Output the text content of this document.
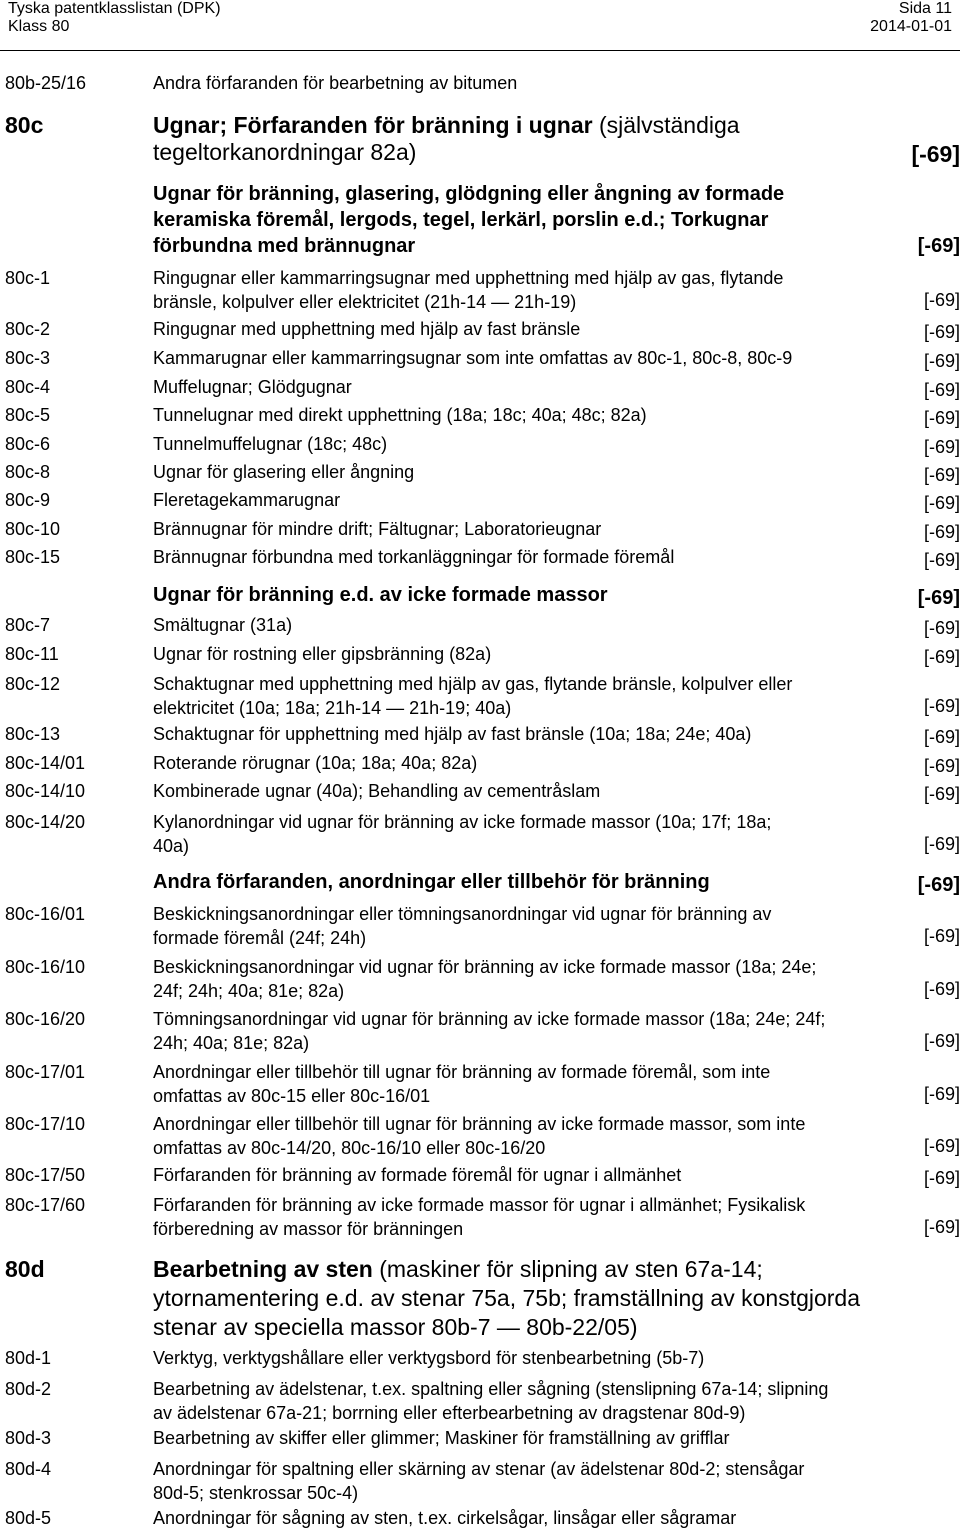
Tyska patentklasslistan (DPK)
Klass 80
Sida 11
2014-01-01
80b-25/16	Andra förfaranden för bearbetning av bitumen
80c	Ugnar; Förfaranden för bränning i ugnar (självständiga
tegeltorkanordningar 82a)	[-69]
Ugnar för bränning, glasering, glödgning eller ångning av formade
keramiska föremål, lergods, tegel, lerkärl, porslin e.d.; Torkugnar
förbundna med brännugnar	[-69]
80c-1	Ringugnar eller kammarringsugnar med upphettning med hjälp av gas, flytande
bränsle, kolpulver eller elektricitet (21h-14 — 21h-19)	[-69]
80c-2	Ringugnar med upphettning med hjälp av fast bränsle	[-69]
80c-3	Kammarugnar eller kammarringsugnar som inte omfattas av 80c-1, 80c-8, 80c-9	[-69]
80c-4	Muffelugnar; Glödgugnar	[-69]
80c-5	Tunnelugnar med direkt upphettning (18a; 18c; 40a; 48c; 82a)	[-69]
80c-6	Tunnelmuffelugnar (18c; 48c)	[-69]
80c-8	Ugnar för glasering eller ångning	[-69]
80c-9	Fleretagekammarugnar	[-69]
80c-10	Brännugnar för mindre drift; Fältugnar; Laboratorieugnar	[-69]
80c-15	Brännugnar förbundna med torkanläggningar för formade föremål	[-69]
Ugnar för bränning e.d. av icke formade massor	[-69]
80c-7	Smältugnar (31a)	[-69]
80c-11	Ugnar för rostning eller gipsbränning (82a)	[-69]
80c-12	Schaktugnar med upphettning med hjälp av gas, flytande bränsle, kolpulver eller
elektricitet (10a; 18a; 21h-14 — 21h-19; 40a)	[-69]
80c-13	Schaktugnar för upphettning med hjälp av fast bränsle (10a; 18a; 24e; 40a)	[-69]
80c-14/01	Roterande rörugnar (10a; 18a; 40a; 82a)	[-69]
80c-14/10	Kombinerade ugnar (40a); Behandling av cementråslam	[-69]
80c-14/20	Kylanordningar vid ugnar för bränning av icke formade massor (10a; 17f; 18a;
40a)	[-69]
Andra förfaranden, anordningar eller tillbehör för bränning	[-69]
80c-16/01	Beskickningsanordningar eller tömningsanordningar vid ugnar för bränning av
formade föremål (24f; 24h)	[-69]
80c-16/10	Beskickningsanordningar vid ugnar för bränning av icke formade massor (18a; 24e;
24f; 24h; 40a; 81e; 82a)	[-69]
80c-16/20	Tömningsanordningar vid ugnar för bränning av icke formade massor (18a; 24e; 24f;
24h; 40a; 81e; 82a)	[-69]
80c-17/01	Anordningar eller tillbehör till ugnar för bränning av formade föremål, som inte
omfattas av 80c-15 eller 80c-16/01	[-69]
80c-17/10	Anordningar eller tillbehör till ugnar för bränning av icke formade massor, som inte
omfattas av 80c-14/20, 80c-16/10 eller 80c-16/20	[-69]
80c-17/50	Förfaranden för bränning av formade föremål för ugnar i allmänhet	[-69]
80c-17/60	Förfaranden för bränning av icke formade massor för ugnar i allmänhet; Fysikalisk
förberedning av massor för bränningen	[-69]
80d	Bearbetning av sten (maskiner för slipning av sten 67a-14;
ytornamentering e.d. av stenar 75a, 75b; framställning av konstgjorda
stenar av speciella massor 80b-7 — 80b-22/05)
80d-1	Verktyg, verktygshållare eller verktygsbord för stenbearbetning (5b-7)
80d-2	Bearbetning av ädelstenar, t.ex. spaltning eller sågning (stenslipning 67a-14; slipning
av ädelstenar 67a-21; borrning eller efterbearbetning av dragstenar 80d-9)
80d-3	Bearbetning av skiffer eller glimmer; Maskiner för framställning av grifflar
80d-4	Anordningar för spaltning eller skärning av stenar (av ädelstenar 80d-2; stensågar
80d-5; stenkrossar 50c-4)
80d-5	Anordningar för sågning av sten, t.ex. cirkelsågar, linsågar eller sågramar
